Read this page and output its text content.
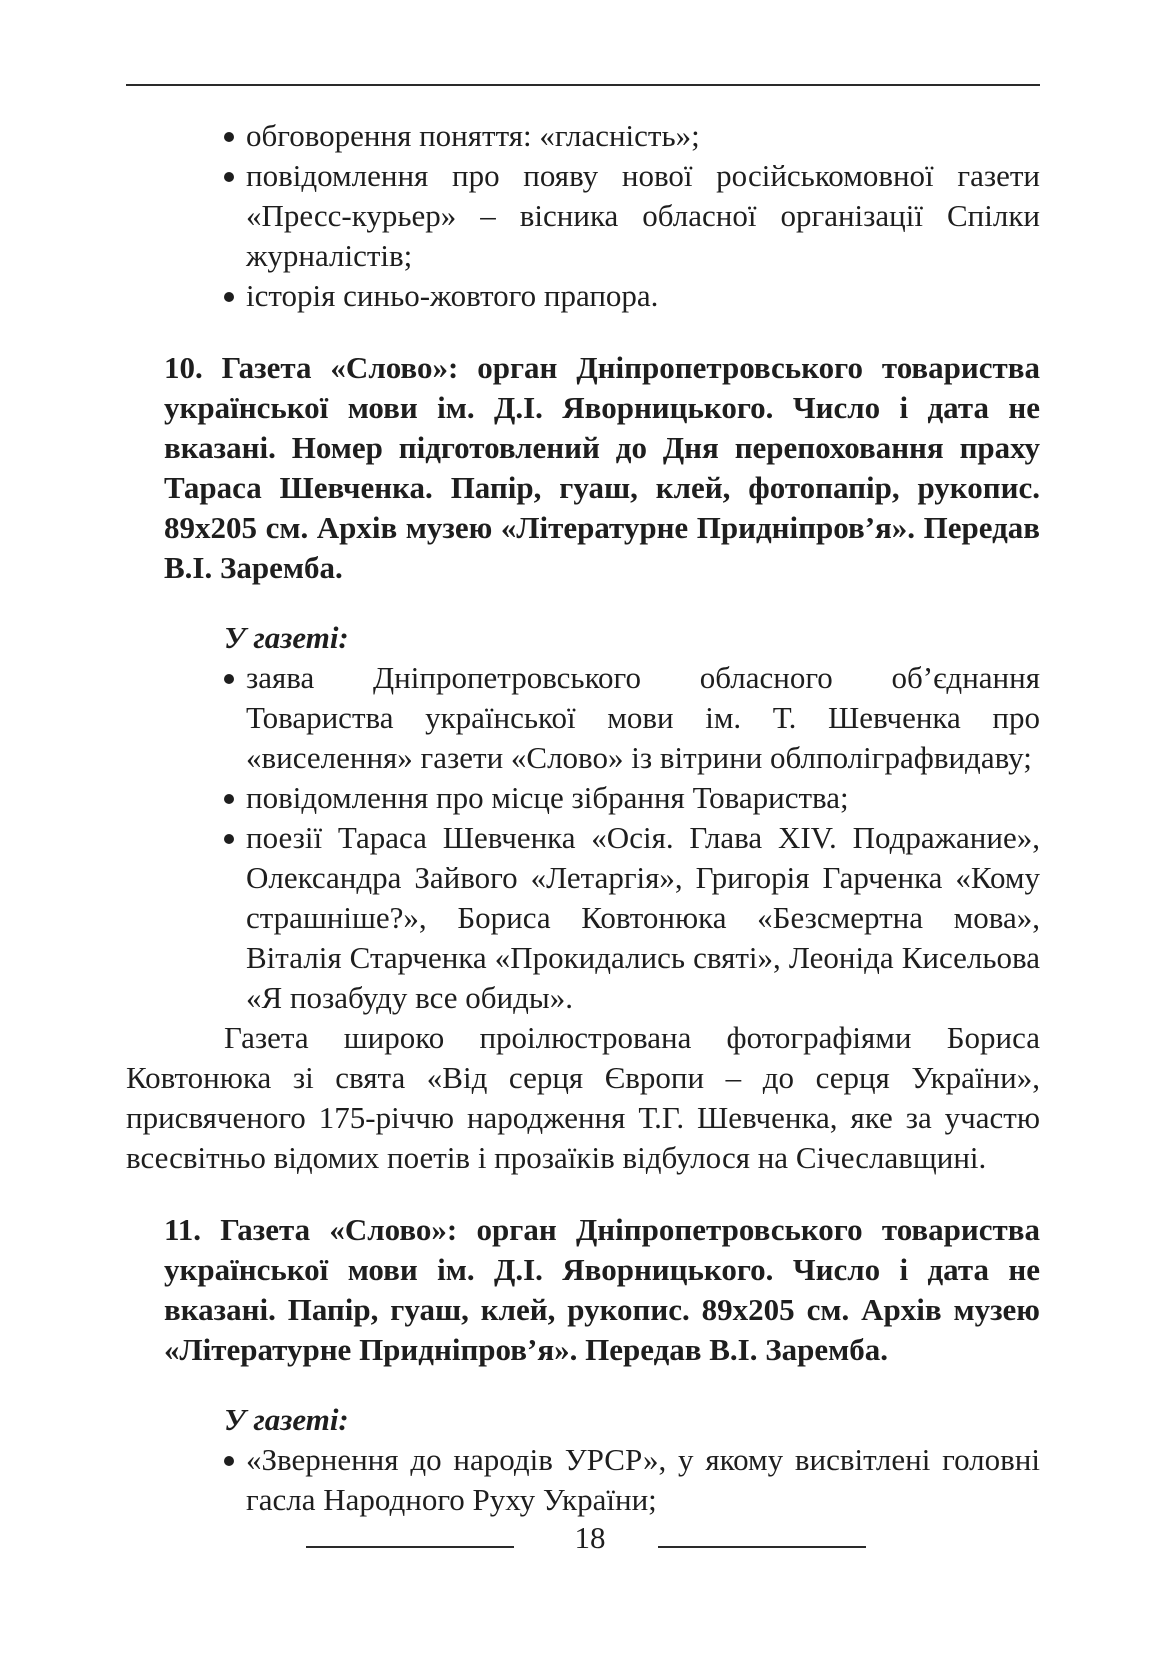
обговорення поняття: «гласність»;
повідомлення про появу нової російськомовної газети «Пресс-курьер» – вісника обласної організації Спілки журналістів;
історія синьо-жовтого прапора.
10. Газета «Слово»: орган Дніпропетровського товариства української мови ім. Д.І. Яворницького. Число і дата не вказані. Номер підготовлений до Дня перепоховання праху Тараса Шевченка. Папір, гуаш, клей, фотопапір, рукопис. 89х205 см. Архів музею «Літературне Придніпров’я». Передав В.І. Заремба.
У газеті:
заява Дніпропетровського обласного об’єднання Товариства української мови ім. Т. Шевченка про «виселення» газети «Слово» із вітрини облполіграфвидаву;
повідомлення про місце зібрання Товариства;
поезії Тараса Шевченка «Осія. Глава XIV. Подражание», Олександра Зайвого «Летаргія», Григорія Гарченка «Кому страшніше?», Бориса Ковтонюка «Безсмертна мова», Віталія Старченка «Прокидались святі», Леоніда Кисельова «Я позабуду все обиды».

Газета широко проілюстрована фотографіями Бориса Ковтонюка зі свята «Від серця Європи – до серця України», присвяченого 175-річчю народження Т.Г. Шевченка, яке за участю всесвітньо відомих поетів і прозаїків відбулося на Січеславщині.

11. Газета «Слово»: орган Дніпропетровського товариства української мови ім. Д.І. Яворницького. Число і дата не вказані. Папір, гуаш, клей, рукопис. 89х205 см. Архів музею «Літературне Придніпров’я». Передав В.І. Заремба.
У газеті:
«Звернення до народів УРСР», у якому висвітлені головні гасла Народного Руху України;
18
